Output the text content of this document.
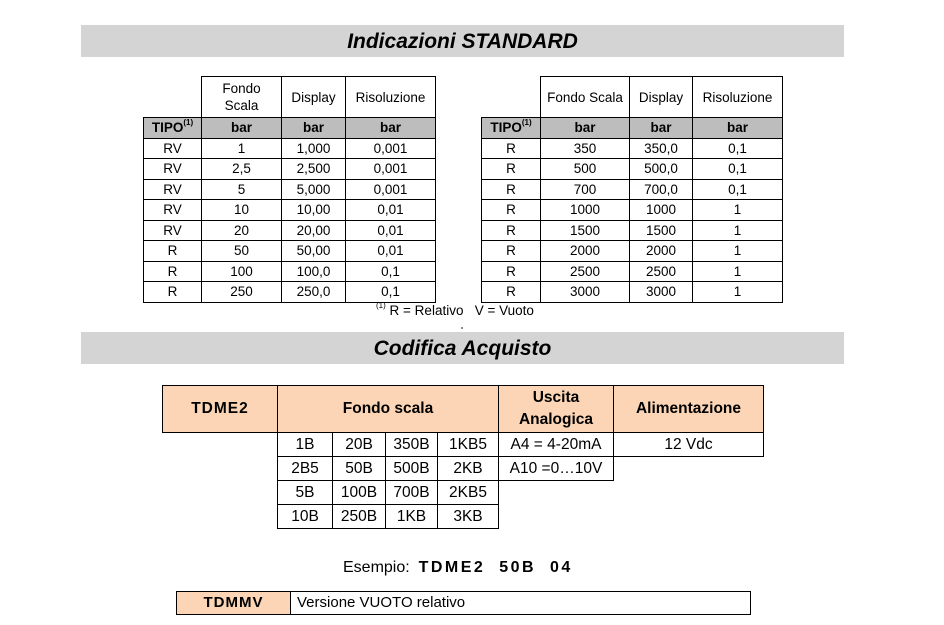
Indicazioni STANDARD
	Fondo Scala	Display	Risoluzione
TIPO$^{(1)}$	bar	bar	bar
RV	1	1,000	0,001
RV	2,5	2,500	0,001
RV	5	5,000	0,001
RV	10	10,00	0,01
RV	20	20,00	0,01
R	50	50,00	0,01
R	100	100,0	0,1
R	250	250,0	0,1
	Fondo Scala	Display	Risoluzione
TIPO$^{(1)}$	bar	bar	bar
R	350	350,0	0,1
R	500	500,0	0,1
R	700	700,0	0,1
R	1000	1000	1
R	1500	1500	1
R	2000	2000	1
R	2500	2500	1
R	3000	3000	1
$^{(1)}$ R = Relativo   V = Vuoto
Codifica Acquisto
TDME2	Fondo scala				Uscita Analogica	Alimentazione
	1B	20B	350B	1KB5	A4 = 4-20mA	12 Vdc
	2B5	50B	500B	2KB	A10 =0…10V	
	5B	100B	700B	2KB5		
	10B	250B	1KB	3KB		
Esempio: TDME2  50B  04
TDMMV	Versione VUOTO relativo
